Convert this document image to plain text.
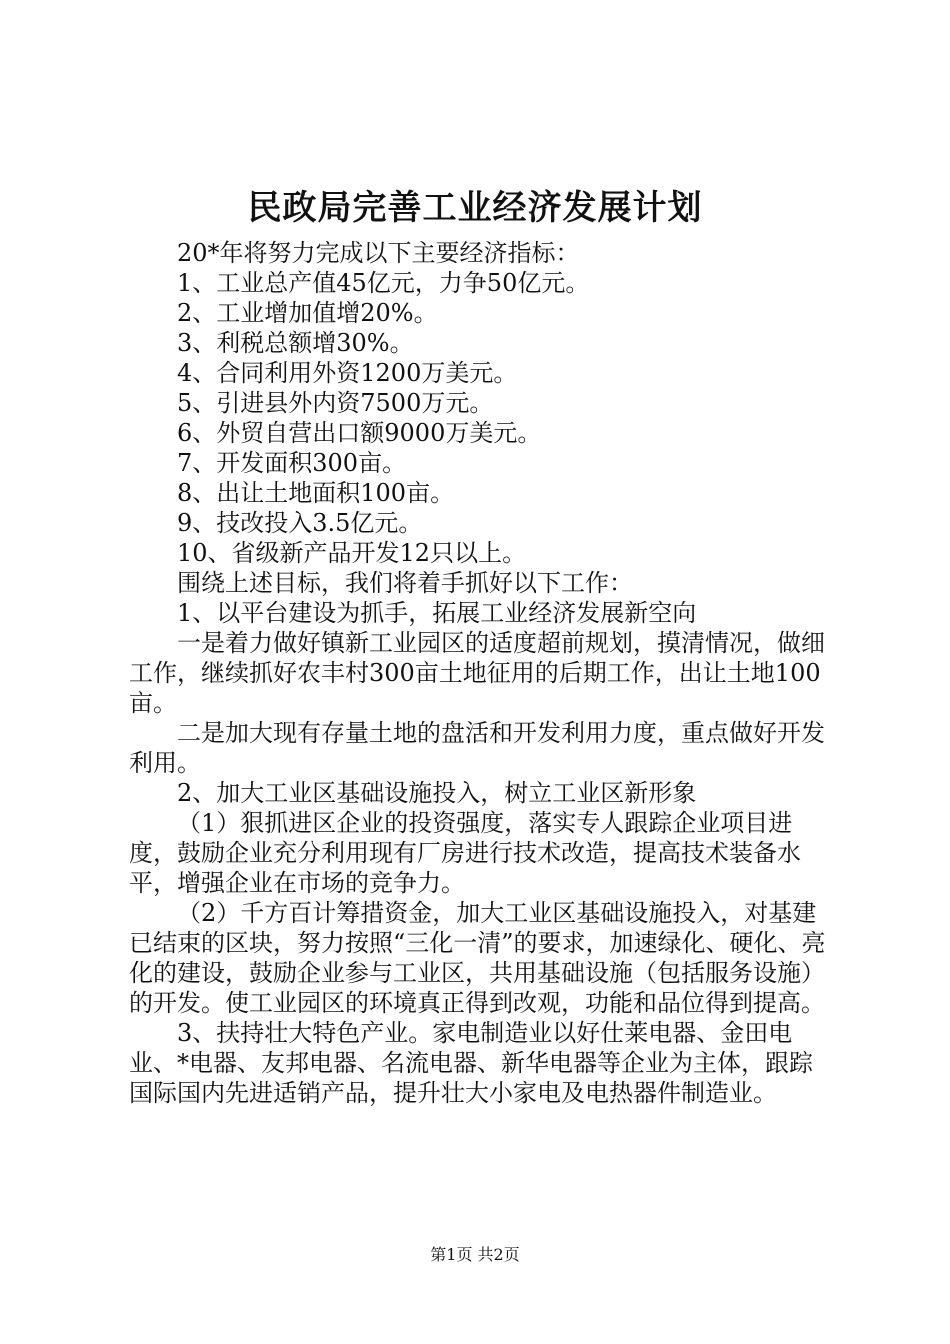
民政局完善工业经济发展计划

20*年将努力完成以下主要经济指标：

1、工业总产值45亿元，力争50亿元。

2、工业增加值增20%。

3、利税总额增30%。

4、合同利用外资1200万美元。

5、引进县外内资7500万元。

6、外贸自营出口额9000万美元。

7、开发面积300亩。

8、出让土地面积100亩。

9、技改投入3.5亿元。

10、省级新产品开发12只以上。

围绕上述目标，我们将着手抓好以下工作：

1、以平台建设为抓手，拓展工业经济发展新空向

一是着力做好镇新工业园区的适度超前规划，摸清情况，做细工作，继续抓好农丰村300亩土地征用的后期工作，出让土地100亩。

二是加大现有存量土地的盘活和开发利用力度，重点做好开发利用。

2、加大工业区基础设施投入，树立工业区新形象

（1）狠抓进区企业的投资强度，落实专人跟踪企业项目进度，鼓励企业充分利用现有厂房进行技术改造，提高技术装备水平，增强企业在市场的竞争力。

（2）千方百计筹措资金，加大工业区基础设施投入，对基建已结束的区块，努力按照“三化一清”的要求，加速绿化、硬化、亮化的建设，鼓励企业参与工业区，共用基础设施（包括服务设施）的开发。使工业园区的环境真正得到改观，功能和品位得到提高。

3、扶持壮大特色产业。家电制造业以好仕莱电器、金田电业、*电器、友邦电器、名流电器、新华电器等企业为主体，跟踪国际国内先进适销产品，提升壮大小家电及电热器件制造业。

第1页 共2页
